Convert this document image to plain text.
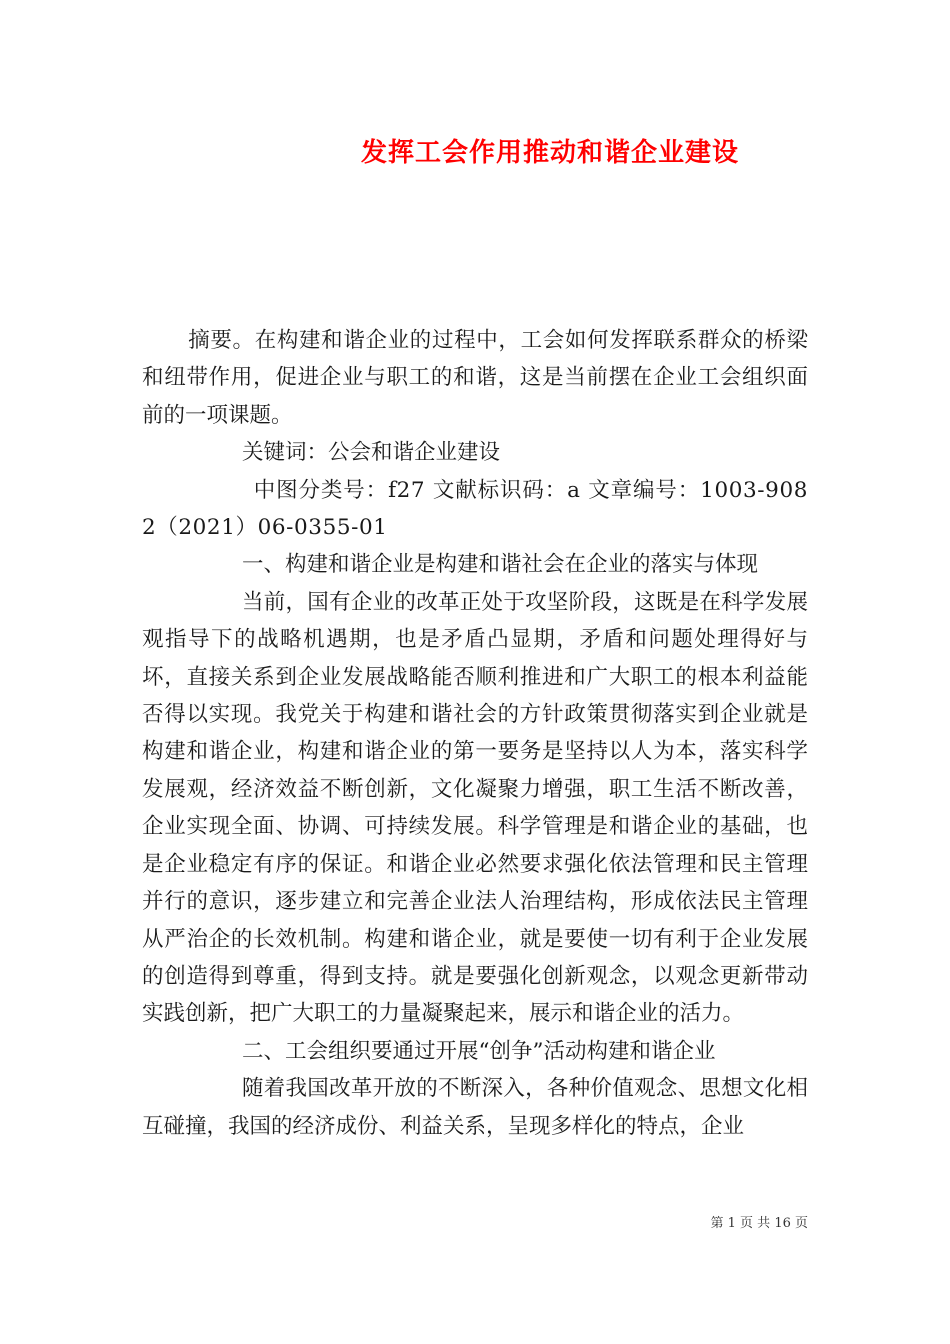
发挥工会作用推动和谐企业建设

摘要。在构建和谐企业的过程中，工会如何发挥联系群众的桥梁和纽带作用，促进企业与职工的和谐，这是当前摆在企业工会组织面前的一项课题。

关键词：公会和谐企业建设

中图分类号：f27 文献标识码：a 文章编号：1003-9082（2021）06-0355-01

一、构建和谐企业是构建和谐社会在企业的落实与体现

当前，国有企业的改革正处于攻坚阶段，这既是在科学发展观指导下的战略机遇期，也是矛盾凸显期，矛盾和问题处理得好与坏，直接关系到企业发展战略能否顺利推进和广大职工的根本利益能否得以实现。我党关于构建和谐社会的方针政策贯彻落实到企业就是构建和谐企业，构建和谐企业的第一要务是坚持以人为本，落实科学发展观，经济效益不断创新，文化凝聚力增强，职工生活不断改善，企业实现全面、协调、可持续发展。科学管理是和谐企业的基础，也是企业稳定有序的保证。和谐企业必然要求强化依法管理和民主管理并行的意识，逐步建立和完善企业法人治理结构，形成依法民主管理从严治企的长效机制。构建和谐企业，就是要使一切有利于企业发展的创造得到尊重，得到支持。就是要强化创新观念，以观念更新带动实践创新，把广大职工的力量凝聚起来，展示和谐企业的活力。

二、工会组织要通过开展“创争”活动构建和谐企业

随着我国改革开放的不断深入，各种价值观念、思想文化相互碰撞，我国的经济成份、利益关系，呈现多样化的特点，企业

第 1 页 共 16 页
